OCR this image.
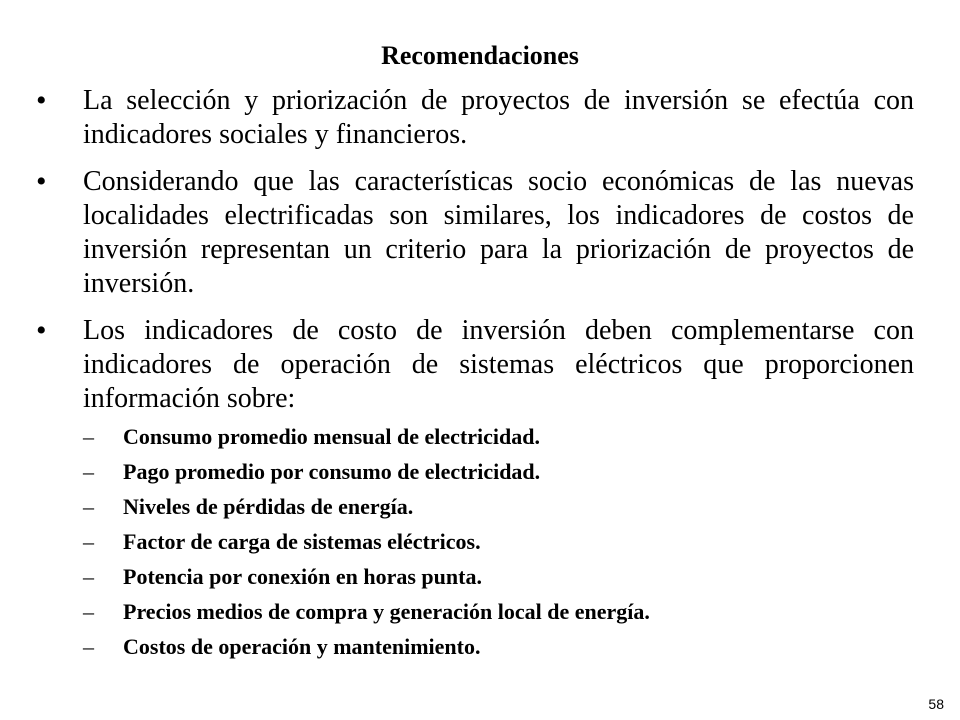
Recomendaciones
• La selección y priorización de proyectos de inversión se efectúa con indicadores sociales y financieros.
• Considerando que las características socio económicas de las nuevas localidades electrificadas son similares, los indicadores de costos de inversión representan un criterio para la priorización de proyectos de inversión.
• Los indicadores de costo de inversión deben complementarse con indicadores de operación de sistemas eléctricos que proporcionen información sobre:
– Consumo promedio mensual de electricidad.
– Pago promedio por consumo de electricidad.
– Niveles de pérdidas de energía.
– Factor de carga de sistemas eléctricos.
– Potencia por conexión en horas punta.
– Precios medios de compra y generación local de energía.
– Costos de operación y mantenimiento.
58
